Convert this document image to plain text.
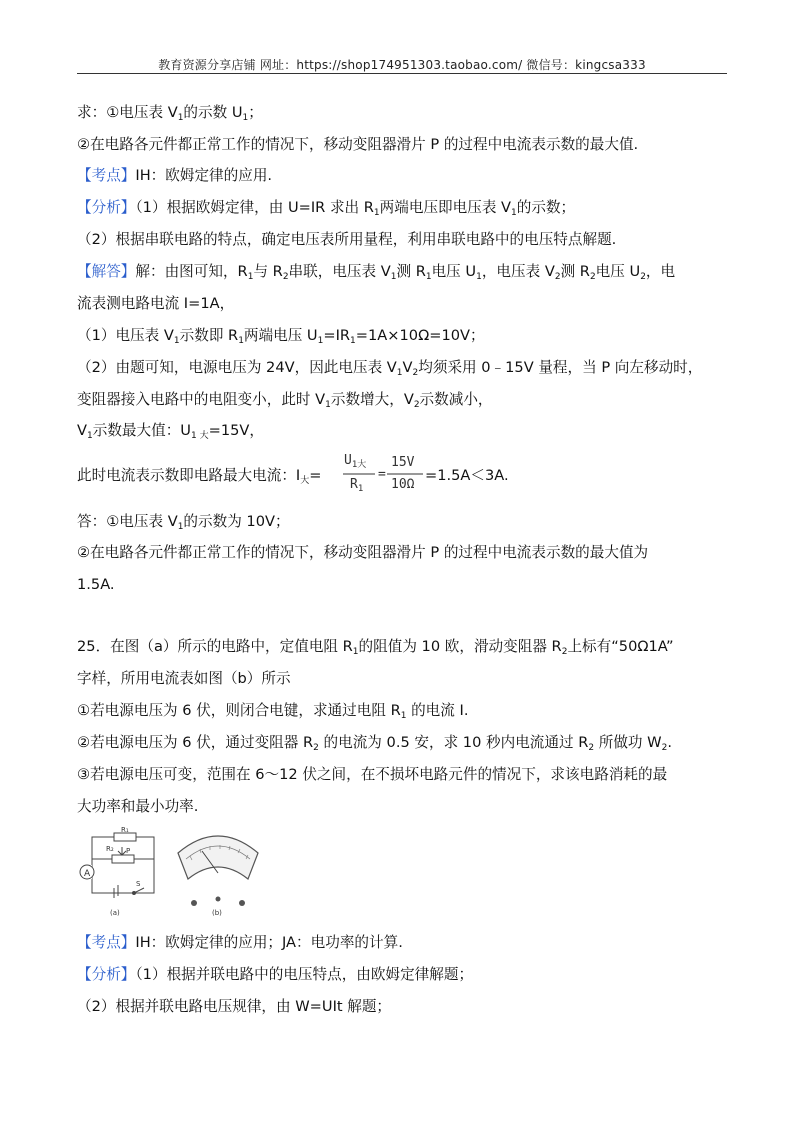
教育资源分享店铺 网址：https://shop174951303.taobao.com/ 微信号：kingcsa333
求：①电压表 $V_1$的示数 $U_1$；
②在电路各元件都正常工作的情况下，移动变阻器滑片 P 的过程中电流表示数的最大值.
【考点】IH：欧姆定律的应用.
【分析】（1）根据欧姆定律，由 U=IR 求出 $R_1$两端电压即电压表 $V_1$的示数；
（2）根据串联电路的特点，确定电压表所用量程，利用串联电路中的电压特点解题.
【解答】解：由图可知，$R_1$与 $R_2$串联，电压表 $V_1$测 $R_1$电压 $U_1$，电压表 $V_2$测 $R_2$电压 $U_2$，电
流表测电路电流 I=1A，
（1）电压表 $V_1$示数即 $R_1$两端电压 $U_1=IR_1=1A\times 10\Omega=10V$；
（2）由题可知，电源电压为 24V，因此电压表 $V_1V_2$均须采用 0﹣15V 量程，当 P 向左移动时，
变阻器接入电路中的电阻变小，此时 $V_1$示数增大，$V_2$示数减小，
$V_1$示数最大值：$U_{1 大}=15V$，
此时电流表示数即电路最大电流：$I_大=$	=
$U_{1大}$
$R_1$
15V
10Ω
=1.5A＜3A.
答：①电压表 $V_1$的示数为 10V；
②在电路各元件都正常工作的情况下，移动变阻器滑片 P 的过程中电流表示数的最大值为
1.5A.
25．在图（a）所示的电路中，定值电阻 $R_1$的阻值为 10 欧，滑动变阻器 $R_2$上标有“50Ω1A”
字样，所用电流表如图（b）所示
①若电源电压为 6 伏，则闭合电键，求通过电阻 $R_1$ 的电流 I.
②若电源电压为 6 伏，通过变阻器 $R_2$ 的电流为 0.5 安，求 10 秒内电流通过 $R_2$ 所做功 $W_2$.
③若电源电压可变，范围在 6～12 伏之间，在不损坏电路元件的情况下，求该电路消耗的最
大功率和最小功率.
A
R₁
R₂ P
S
(a)	(b)
【考点】IH：欧姆定律的应用；JA：电功率的计算.
【分析】（1）根据并联电路中的电压特点，由欧姆定律解题；
（2）根据并联电路电压规律，由 W=UIt 解题；
